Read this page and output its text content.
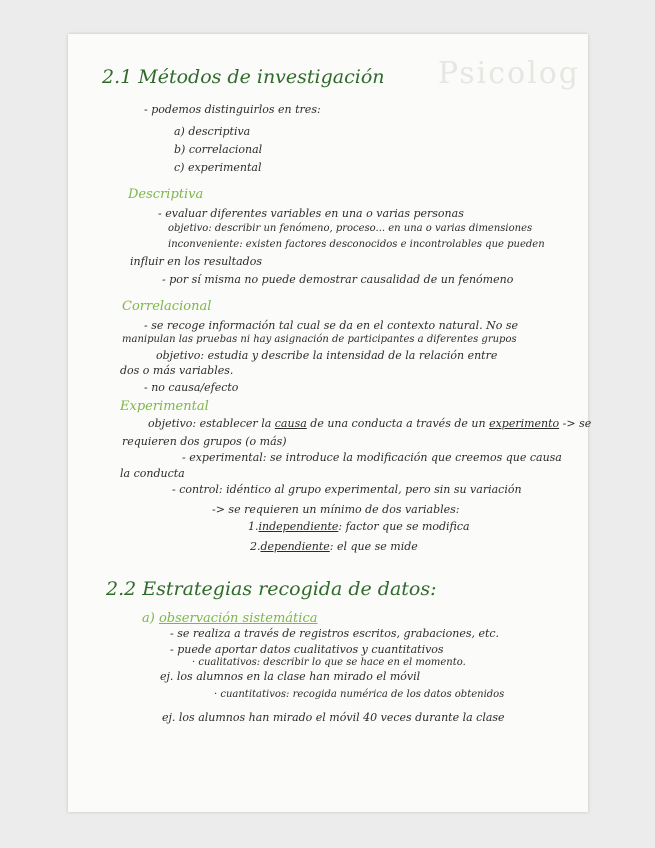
Psicolog
2.1 Métodos de investigación
- podemos distinguirlos en tres:
a) descriptiva
b) correlacional
c) experimental
Descriptiva
- evaluar diferentes variables en una o varias personas
objetivo: describir un fenómeno, proceso... en una o varias dimensiones
inconveniente: existen factores desconocidos e incontrolables que pueden
influir en los resultados
- por sí misma no puede demostrar causalidad de un fenómeno
Correlacional
- se recoge información tal cual se da en el contexto natural. No se
manipulan las pruebas ni hay asignación de participantes a diferentes grupos
objetivo: estudia y describe la intensidad de la relación entre
dos o más variables.
- no causa/efecto
Experimental
objetivo: establecer la causa de una conducta a través de un experimento -> se
requieren dos grupos (o más)
- experimental: se introduce la modificación que creemos que causa
la conducta
- control: idéntico al grupo experimental, pero sin su variación
-> se requieren un mínimo de dos variables:
1.independiente: factor que se modifica
2.dependiente: el que se mide
2.2 Estrategias recogida de datos:
a) observación sistemática
- se realiza a través de registros escritos, grabaciones, etc.
- puede aportar datos cualitativos y cuantitativos
· cualitativos: describir lo que se hace en el momento.
ej. los alumnos en la clase han mirado el móvil
· cuantitativos: recogida numérica de los datos obtenidos
ej. los alumnos han mirado el móvil 40 veces durante la clase
